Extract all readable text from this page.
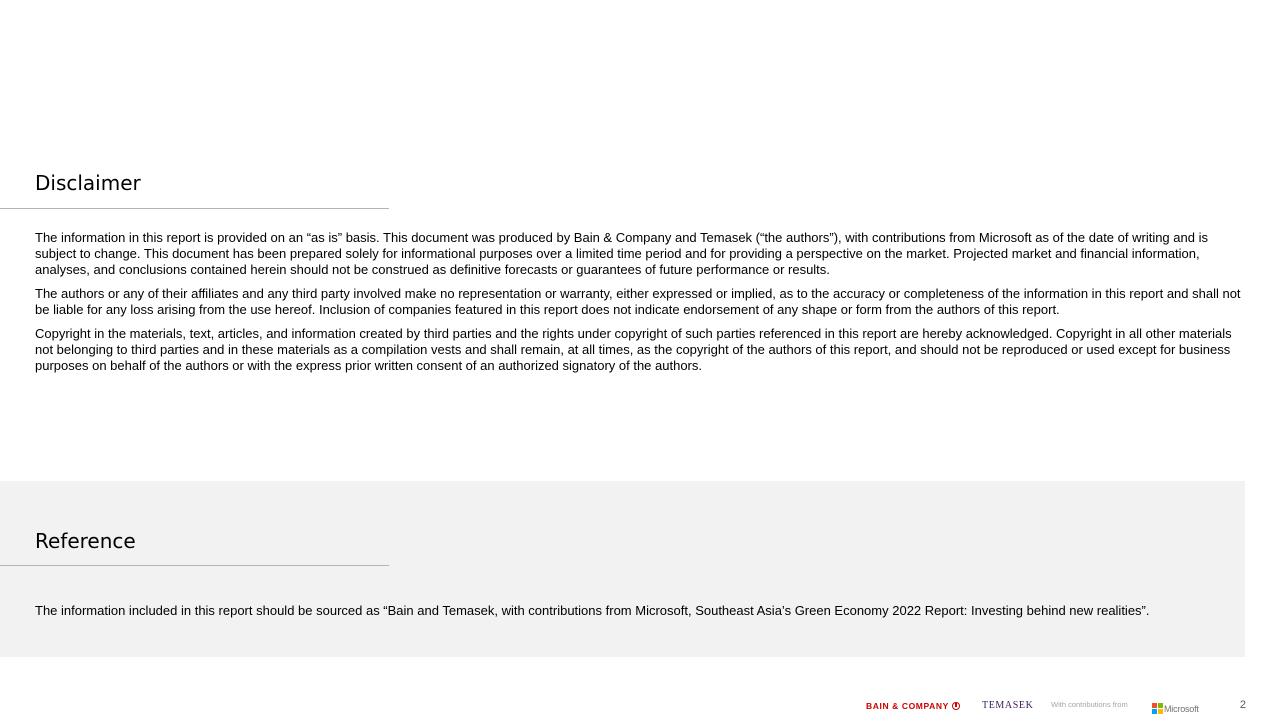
Disclaimer

The information in this report is provided on an “as is” basis. This document was produced by Bain & Company and Temasek (“the authors”), with contributions from Microsoft as of the date of writing and is subject to change. This document has been prepared solely for informational purposes over a limited time period and for providing a perspective on the market. Projected market and financial information, analyses, and conclusions contained herein should not be construed as definitive forecasts or guarantees of future performance or results.

The authors or any of their affiliates and any third party involved make no representation or warranty, either expressed or implied, as to the accuracy or completeness of the information in this report and shall not be liable for any loss arising from the use hereof. Inclusion of companies featured in this report does not indicate endorsement of any shape or form from the authors of this report.

Copyright in the materials, text, articles, and information created by third parties and the rights under copyright of such parties referenced in this report are hereby acknowledged. Copyright in all other materials not belonging to third parties and in these materials as a compilation vests and shall remain, at all times, as the copyright of the authors of this report, and should not be reproduced or used except for business purposes on behalf of the authors or with the express prior written consent of an authorized signatory of the authors.

Reference

The information included in this report should be sourced as “Bain and Temasek, with contributions from Microsoft, Southeast Asia’s Green Economy 2022 Report: Investing behind new realities”.

BAIN & COMPANY	TEMASEK With contributions from	Microsoft	2
